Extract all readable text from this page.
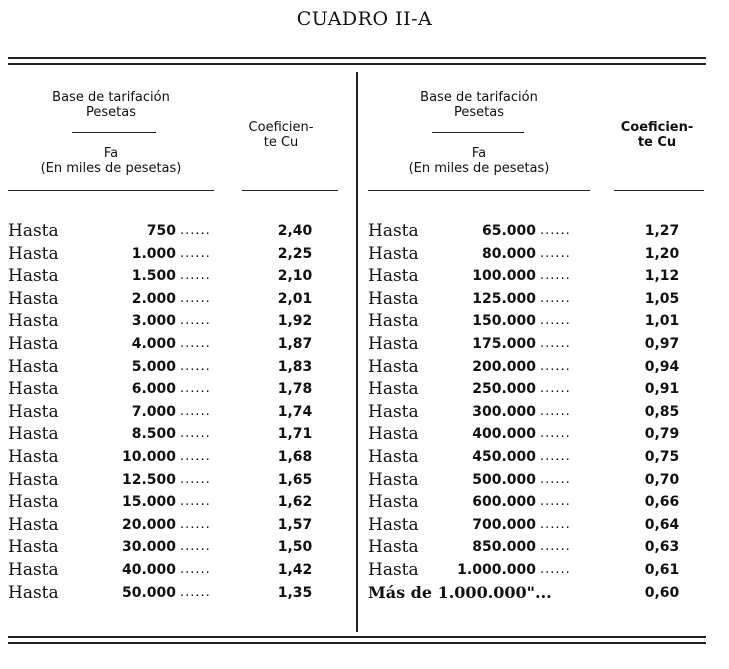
CUADRO II-A
Base de tarifación
Pesetas
Fa
(En miles de pesetas)
Coeficien-
te Cu
Hasta	750 ......	2,40
Hasta	1.000 ......	2,25
Hasta	1.500 ......	2,10
Hasta	2.000 ......	2,01
Hasta	3.000 ......	1,92
Hasta	4.000 ......	1,87
Hasta	5.000 ......	1,83
Hasta	6.000 ......	1,78
Hasta	7.000 ......	1,74
Hasta	8.500 ......	1,71
Hasta	10.000 ......	1,68
Hasta	12.500 ......	1,65
Hasta	15.000 ......	1,62
Hasta	20.000 ......	1,57
Hasta	30.000 ......	1,50
Hasta	40.000 ......	1,42
Hasta	50.000 ......	1,35
Base de tarifación
Pesetas
Fa
(En miles de pesetas)
Coeficien-
te Cu
Hasta	65.000 ......	1,27
Hasta	80.000 ......	1,20
Hasta	100.000 ......	1,12
Hasta	125.000 ......	1,05
Hasta	150.000 ......	1,01
Hasta	175.000 ......	0,97
Hasta	200.000 ......	0,94
Hasta	250.000 ......	0,91
Hasta	300.000 ......	0,85
Hasta	400.000 ......	0,79
Hasta	450.000 ......	0,75
Hasta	500.000 ......	0,70
Hasta	600.000 ......	0,66
Hasta	700.000 ......	0,64
Hasta	850.000 ......	0,63
Hasta	1.000.000 ......	0,61
Más de 1.000.000"...	0,60
